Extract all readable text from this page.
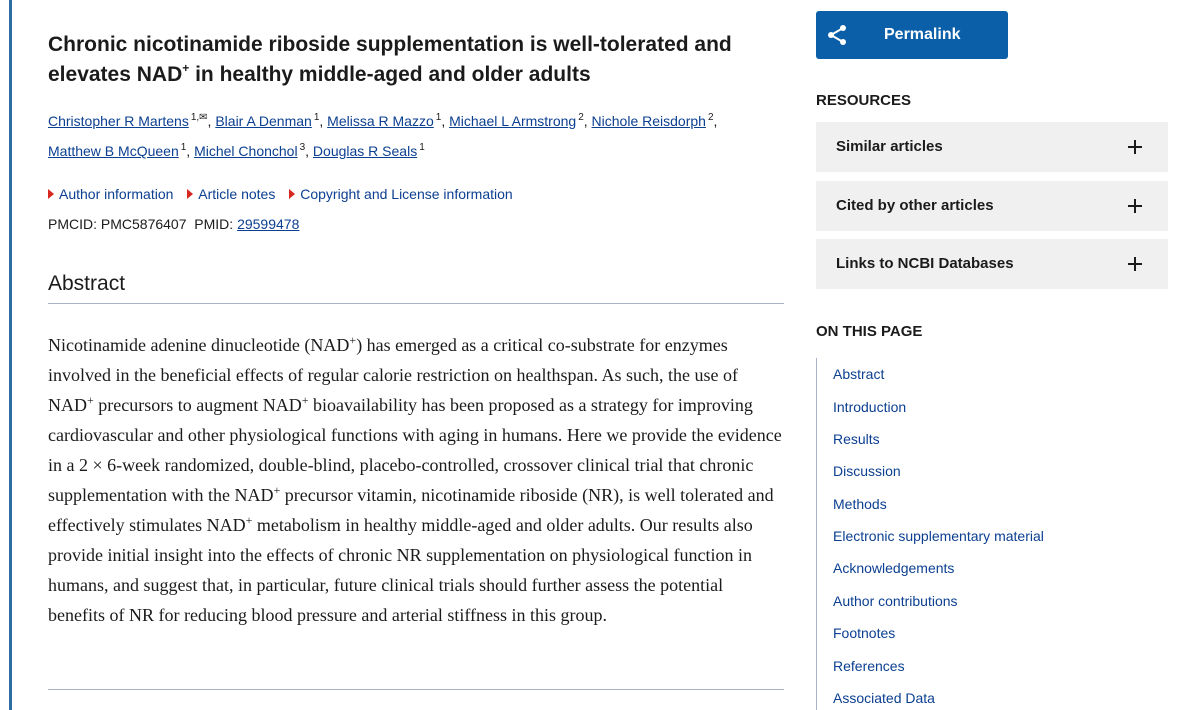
Chronic nicotinamide riboside supplementation is well-tolerated and elevates NAD+ in healthy middle-aged and older adults
Christopher R Martens $^{1,✉}$, Blair A Denman $^1$, Melissa R Mazzo $^1$, Michael L Armstrong $^2$, Nichole Reisdorph $^2$,
Matthew B McQueen $^1$, Michel Chonchol $^3$, Douglas R Seals $^1$
Author information Article notes Copyright and License information
PMCID: PMC5876407 PMID: 29599478
Abstract

Nicotinamide adenine dinucleotide (NAD+) has emerged as a critical co-substrate for enzymes involved in the beneficial effects of regular calorie restriction on healthspan. As such, the use of NAD+ precursors to augment NAD+ bioavailability has been proposed as a strategy for improving cardiovascular and other physiological functions with aging in humans. Here we provide the evidence in a 2 × 6-week randomized, double-blind, placebo-controlled, crossover clinical trial that chronic supplementation with the NAD+ precursor vitamin, nicotinamide riboside (NR), is well tolerated and effectively stimulates NAD+ metabolism in healthy middle-aged and older adults. Our results also provide initial insight into the effects of chronic NR supplementation on physiological function in humans, and suggest that, in particular, future clinical trials should further assess the potential benefits of NR for reducing blood pressure and arterial stiffness in this group.

Permalink
RESOURCES
Similar articles
Cited by other articles
Links to NCBI Databases
ON THIS PAGE
Abstract
Introduction
Results
Discussion
Methods
Electronic supplementary material
Acknowledgements
Author contributions
Footnotes
References
Associated Data
